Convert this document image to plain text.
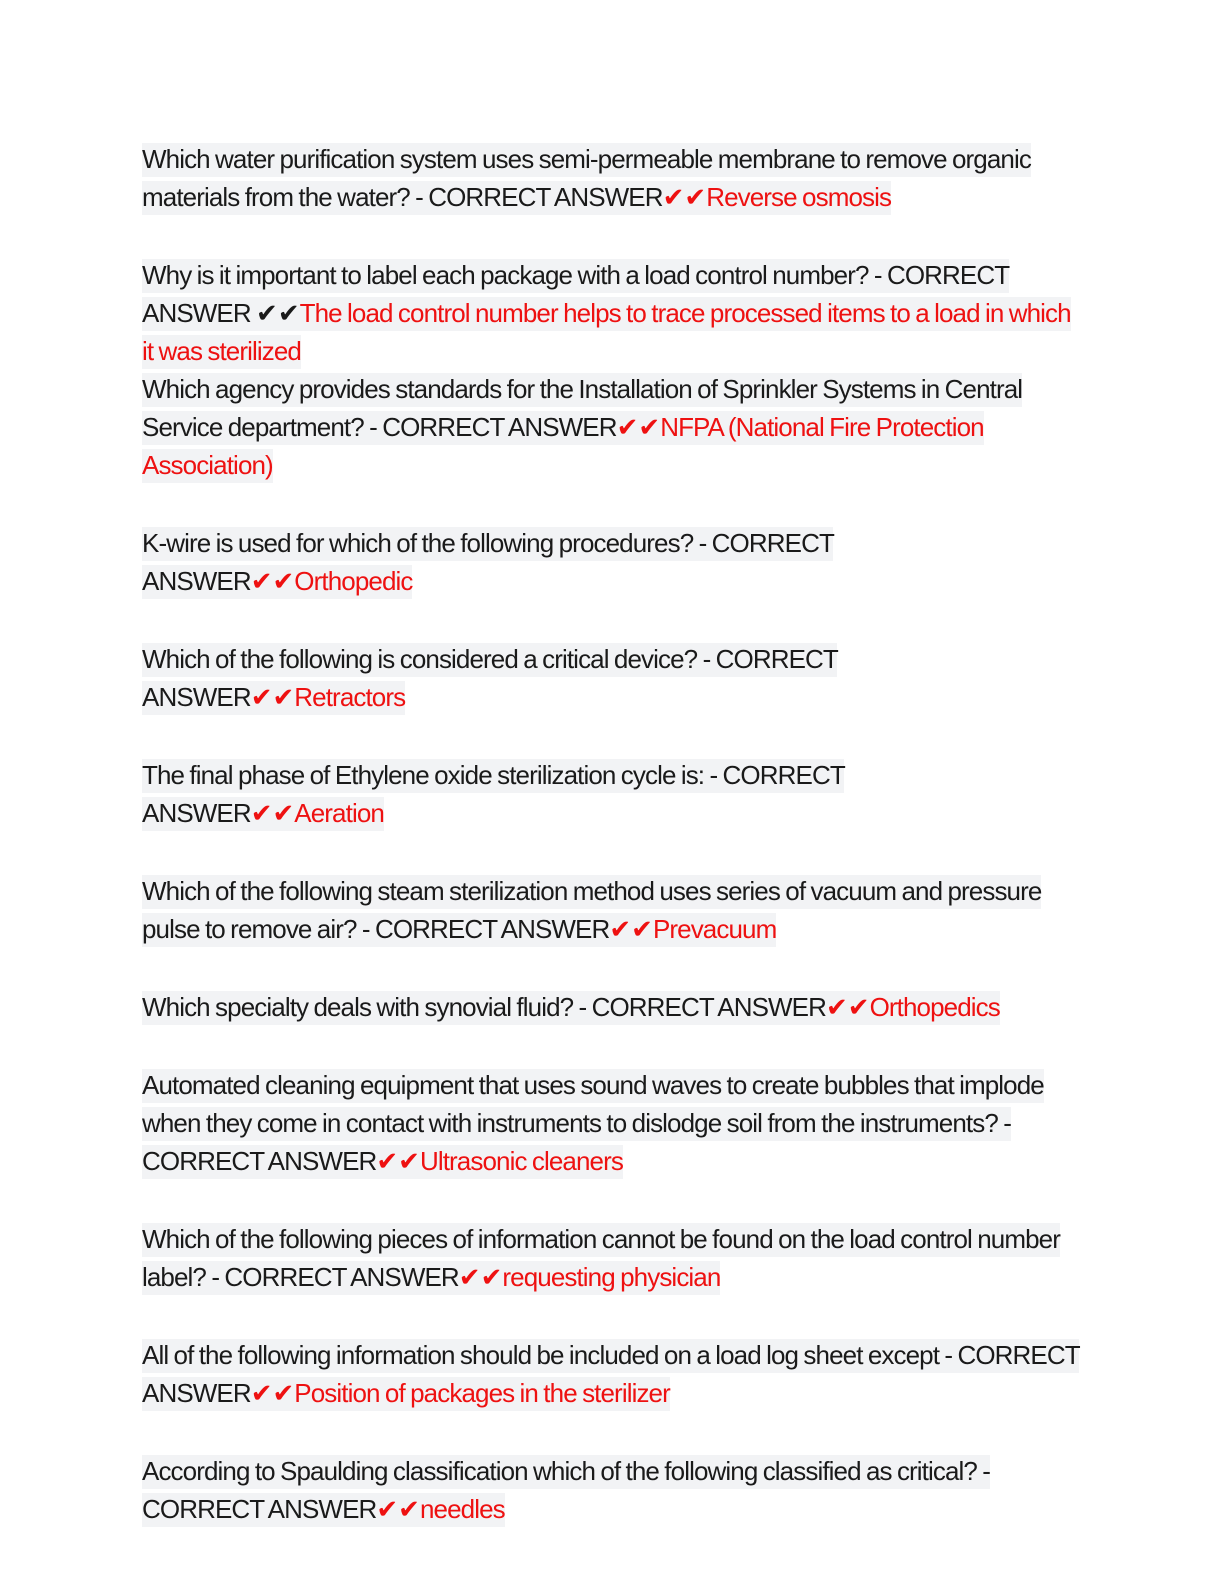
Which water purification system uses semi-permeable membrane to remove organic materials from the water? - CORRECT ANSWER✔✔Reverse osmosis

Why is it important to label each package with a load control number? - CORRECT ANSWER ✔✔The load control number helps to trace processed items to a load in which it was sterilized

Which agency provides standards for the Installation of Sprinkler Systems in Central Service department? - CORRECT ANSWER✔✔NFPA (National Fire Protection Association)

K-wire is used for which of the following procedures? - CORRECT ANSWER✔✔Orthopedic

Which of the following is considered a critical device? - CORRECT ANSWER✔✔Retractors

The final phase of Ethylene oxide sterilization cycle is: - CORRECT ANSWER✔✔Aeration

Which of the following steam sterilization method uses series of vacuum and pressure pulse to remove air? - CORRECT ANSWER✔✔Prevacuum

Which specialty deals with synovial fluid? - CORRECT ANSWER✔✔Orthopedics

Automated cleaning equipment that uses sound waves to create bubbles that implode when they come in contact with instruments to dislodge soil from the instruments? - CORRECT ANSWER✔✔Ultrasonic cleaners

Which of the following pieces of information cannot be found on the load control number label? - CORRECT ANSWER✔✔requesting physician

All of the following information should be included on a load log sheet except - CORRECT ANSWER✔✔Position of packages in the sterilizer

According to Spaulding classification which of the following classified as critical? - CORRECT ANSWER✔✔needles
